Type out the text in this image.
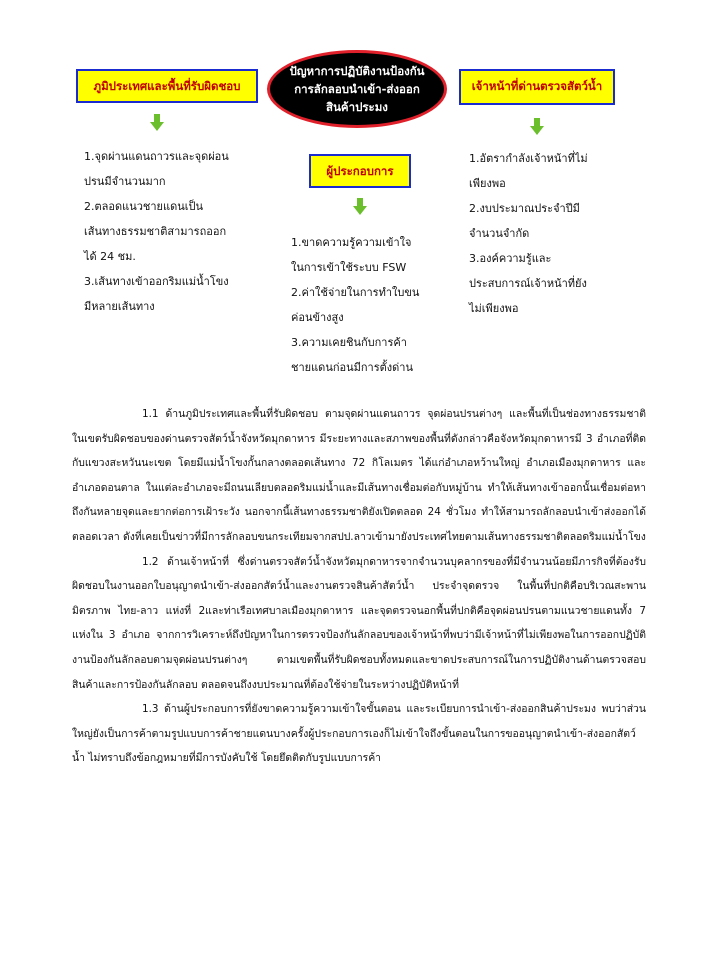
ปัญหาการปฏิบัติงานป้องกันการลักลอบนำเข้า-ส่งออกสินค้าประมง
ภูมิประเทศและพื้นที่รับผิดชอบ
ผู้ประกอบการ
เจ้าหน้าที่ด่านตรวจสัตว์น้ำ

1.จุดผ่านแดนถาวรและจุดผ่อน

ปรนมีจำนวนมาก

2.ตลอดแนวชายแดนเป็น

เส้นทางธรรมชาติสามารถออก

ได้ 24 ชม.

3.เส้นทางเข้าออกริมแม่น้ำโขง

มีหลายเส้นทาง

1.ขาดความรู้ความเข้าใจ

ในการเข้าใช้ระบบ FSW

2.ค่าใช้จ่ายในการทำใบขน

ค่อนข้างสูง

3.ความเคยชินกับการค้า

ชายแดนก่อนมีการตั้งด่าน

1.อัตรากำลังเจ้าหน้าที่ไม่

เพียงพอ

2.งบประมาณประจำปีมี

จำนวนจำกัด

3.องค์ความรู้และ

ประสบการณ์เจ้าหน้าที่ยัง

ไม่เพียงพอ

1.1 ด้านภูมิประเทศและพื้นที่รับผิดชอบ ตามจุดผ่านแดนถาวร จุดผ่อนปรนต่างๆ และพื้นที่เป็นช่องทางธรรมชาติ ในเขตรับผิดชอบของด่านตรวจสัตว์น้ำจังหวัดมุกดาหาร มีระยะทางและสภาพของพื้นที่ดังกล่าวคือจังหวัดมุกดาหารมี 3 อำเภอที่ติดกับแขวงสะหวันนะเขต โดยมีแม่น้ำโขงกั้นกลางตลอดเส้นทาง 72 กิโลเมตร ได้แก่อำเภอหว้านใหญ่ อำเภอเมืองมุกดาหาร และอำเภอดอนตาล ในแต่ละอำเภอจะมีถนนเลียบตลอดริมแม่น้ำและมีเส้นทางเชื่อมต่อกับหมู่บ้าน ทำให้เส้นทางเข้าออกนั้นเชื่อมต่อหาถึงกันหลายจุดและยากต่อการเฝ้าระวัง นอกจากนี้เส้นทางธรรมชาติยังเปิดตลอด 24 ชั่วโมง ทำให้สามารถลักลอบนำเข้าส่งออกได้ตลอดเวลา ดังที่เคยเป็นข่าวที่มีการลักลอบขนกระเทียมจากสปป.ลาวเข้ามายังประเทศไทยตามเส้นทางธรรมชาติตลอดริมแม่น้ำโขง

1.2 ด้านเจ้าหน้าที่ ซึ่งด่านตรวจสัตว์น้ำจังหวัดมุกดาหารจากจำนวนบุคลากรของที่มีจำนวนน้อยมีภารกิจที่ต้องรับผิดชอบในงานออกใบอนุญาตนำเข้า-ส่งออกสัตว์น้ำและงานตรวจสินค้าสัตว์น้ำ ประจำจุดตรวจ ในพื้นที่ปกติคือบริเวณสะพานมิตรภาพ ไทย-ลาว แห่งที่ 2และท่าเรือเทศบาลเมืองมุกดาหาร และจุดตรวจนอกพื้นที่ปกติคือจุดผ่อนปรนตามแนวชายแดนทั้ง 7 แห่งใน 3 อำเภอ จากการวิเคราะห์ถึงปัญหาในการตรวจป้องกันลักลอบของเจ้าหน้าที่พบว่ามีเจ้าหน้าที่ไม่เพียงพอในการออกปฏิบัติงานป้องกันลักลอบตามจุดผ่อนปรนต่างๆ ตามเขตพื้นที่รับผิดชอบทั้งหมดและขาดประสบการณ์ในการปฏิบัติงานด้านตรวจสอบสินค้าและการป้องกันลักลอบ ตลอดจนถึงงบประมาณที่ต้องใช้จ่ายในระหว่างปฏิบัติหน้าที่

1.3 ด้านผู้ประกอบการที่ยังขาดความรู้ความเข้าใจขั้นตอน และระเบียบการนำเข้า-ส่งออกสินค้าประมง พบว่าส่วนใหญ่ยังเป็นการค้าตามรูปแบบการค้าชายแดนบางครั้งผู้ประกอบการเองก็ไม่เข้าใจถึงขั้นตอนในการขออนุญาตนำเข้า-ส่งออกสัตว์น้ำ ไม่ทราบถึงข้อกฎหมายที่มีการบังคับใช้ โดยยึดติดกับรูปแบบการค้า
